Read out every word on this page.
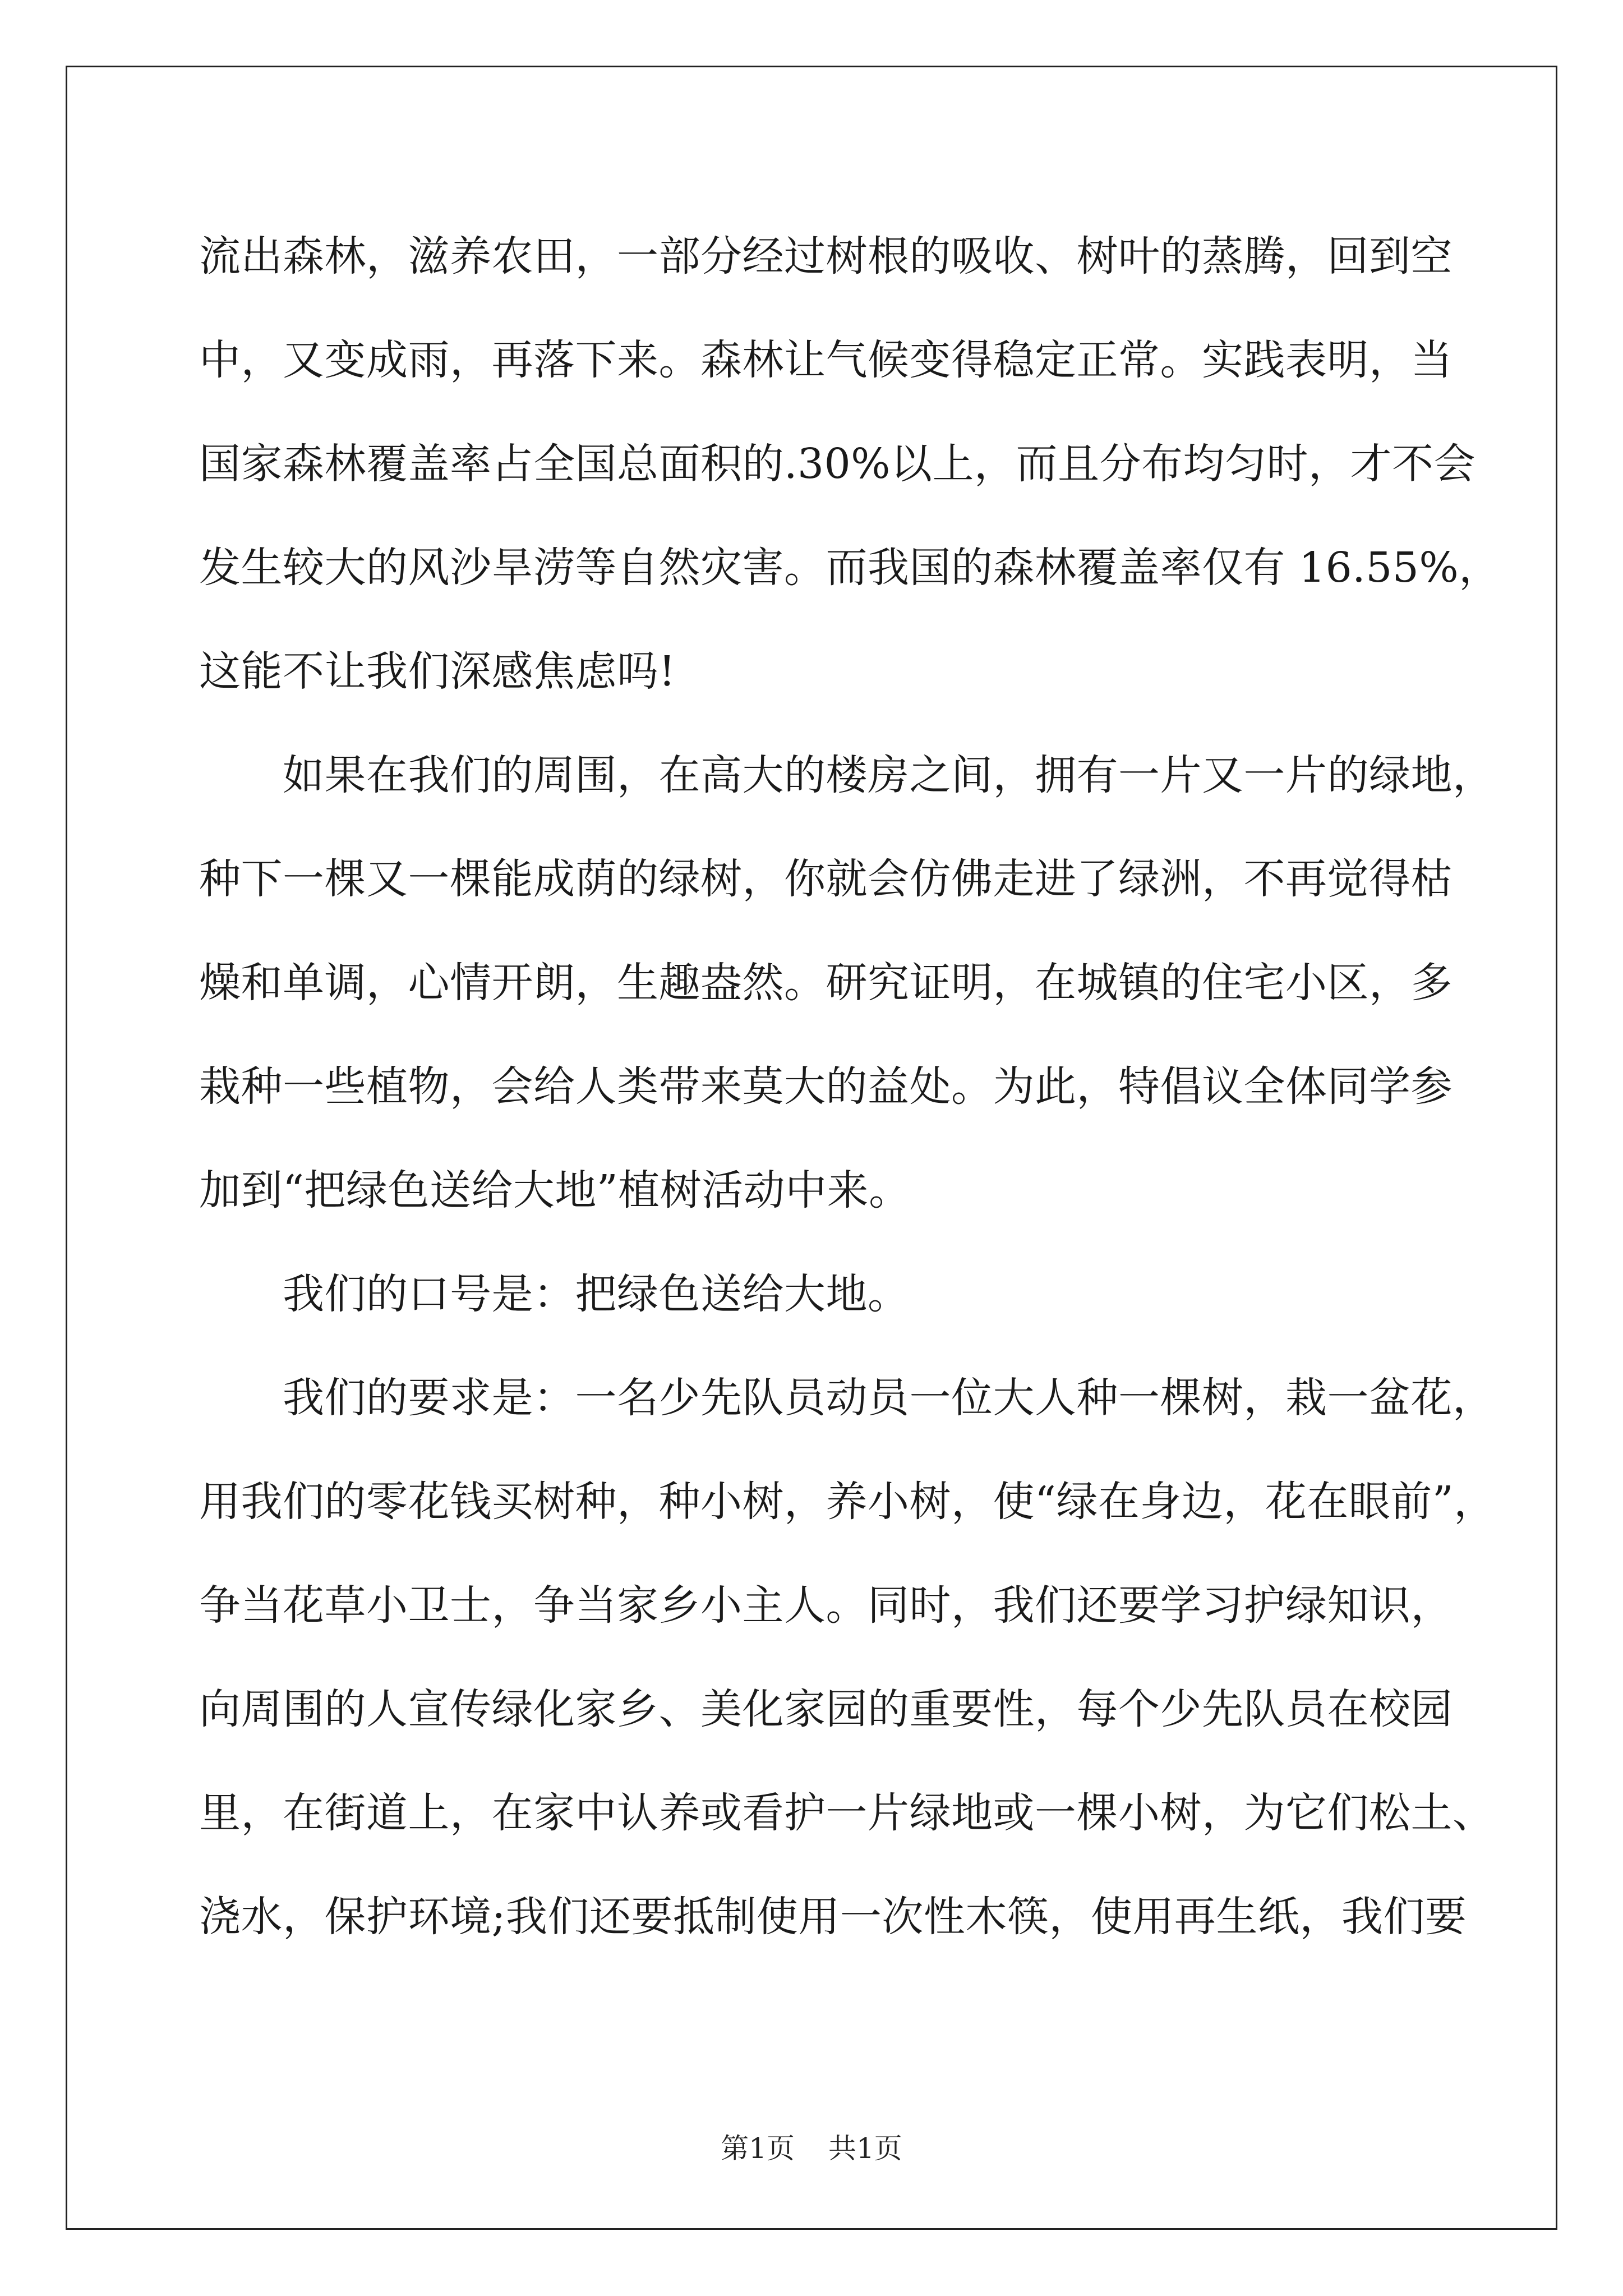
流出森林，滋养农田，一部分经过树根的吸收、树叶的蒸腾，回到空
中，又变成雨，再落下来。森林让气候变得稳定正常。实践表明，当
国家森林覆盖率占全国总面积的.30%以上，而且分布均匀时，才不会
发生较大的风沙旱涝等自然灾害。而我国的森林覆盖率仅有 16.55%，
这能不让我们深感焦虑吗!
　　如果在我们的周围，在高大的楼房之间，拥有一片又一片的绿地，
种下一棵又一棵能成荫的绿树，你就会仿佛走进了绿洲，不再觉得枯
燥和单调，心情开朗，生趣盎然。研究证明，在城镇的住宅小区，多
栽种一些植物，会给人类带来莫大的益处。为此，特倡议全体同学参
加到“把绿色送给大地”植树活动中来。
　　我们的口号是：把绿色送给大地。
　　我们的要求是：一名少先队员动员一位大人种一棵树，栽一盆花，
用我们的零花钱买树种，种小树，养小树，使“绿在身边，花在眼前”，
争当花草小卫士，争当家乡小主人。同时，我们还要学习护绿知识，
向周围的人宣传绿化家乡、美化家园的重要性，每个少先队员在校园
里，在街道上，在家中认养或看护一片绿地或一棵小树，为它们松土、
浇水，保护环境;我们还要抵制使用一次性木筷，使用再生纸，我们要
第1页 共1页
